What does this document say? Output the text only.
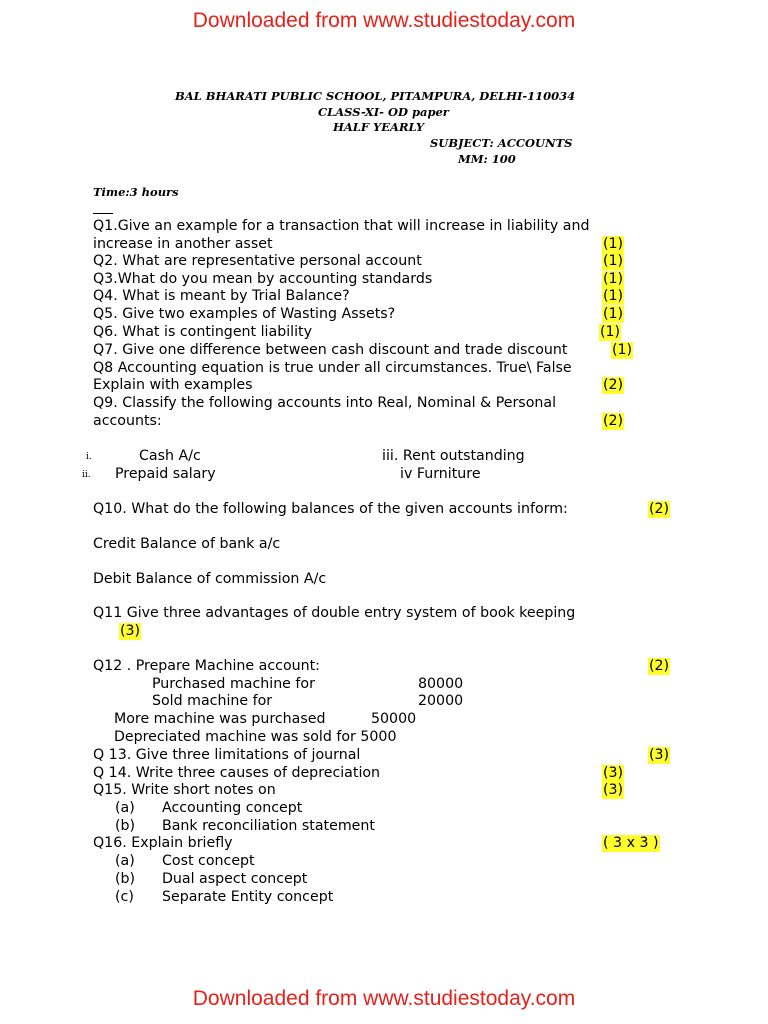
Downloaded from www.studiestoday.com
BAL BHARATI PUBLIC SCHOOL, PITAMPURA, DELHI-110034
CLASS-XI- OD paper
HALF YEARLY
SUBJECT: ACCOUNTS
MM: 100
Time:3 hours
Q1.Give an example for a transaction that will increase in liability and
increase in another asset	(1)
Q2. What are representative personal account	(1)
Q3.What do you mean by accounting standards	(1)
Q4. What is meant by Trial Balance?	(1)
Q5. Give two examples of Wasting Assets?	(1)
Q6. What is contingent liability	(1)
Q7. Give one difference between cash discount and trade discount	(1)
Q8 Accounting equation is true under all circumstances. True\ False
Explain with examples	(2)
Q9. Classify the following accounts into Real, Nominal & Personal
accounts:	(2)
i.	Cash A/c	iii. Rent outstanding
ii. Prepaid salary	iv Furniture
Q10. What do the following balances of the given accounts inform:	(2)
Credit Balance of bank a/c
Debit Balance of commission A/c
Q11 Give three advantages of double entry system of book keeping
(3)
Q12 . Prepare Machine account:	(2)
Purchased machine for	80000
Sold machine for	20000
More machine was purchased	50000
Depreciated machine was sold for 5000
Q 13. Give three limitations of journal	(3)
Q 14. Write three causes of depreciation	(3)
Q15. Write short notes on	(3)
(a) Accounting concept
(b) Bank reconciliation statement
Q16. Explain briefly	( 3 x 3 )
(a) Cost concept
(b) Dual aspect concept
(c) Separate Entity concept
Downloaded from www.studiestoday.com
